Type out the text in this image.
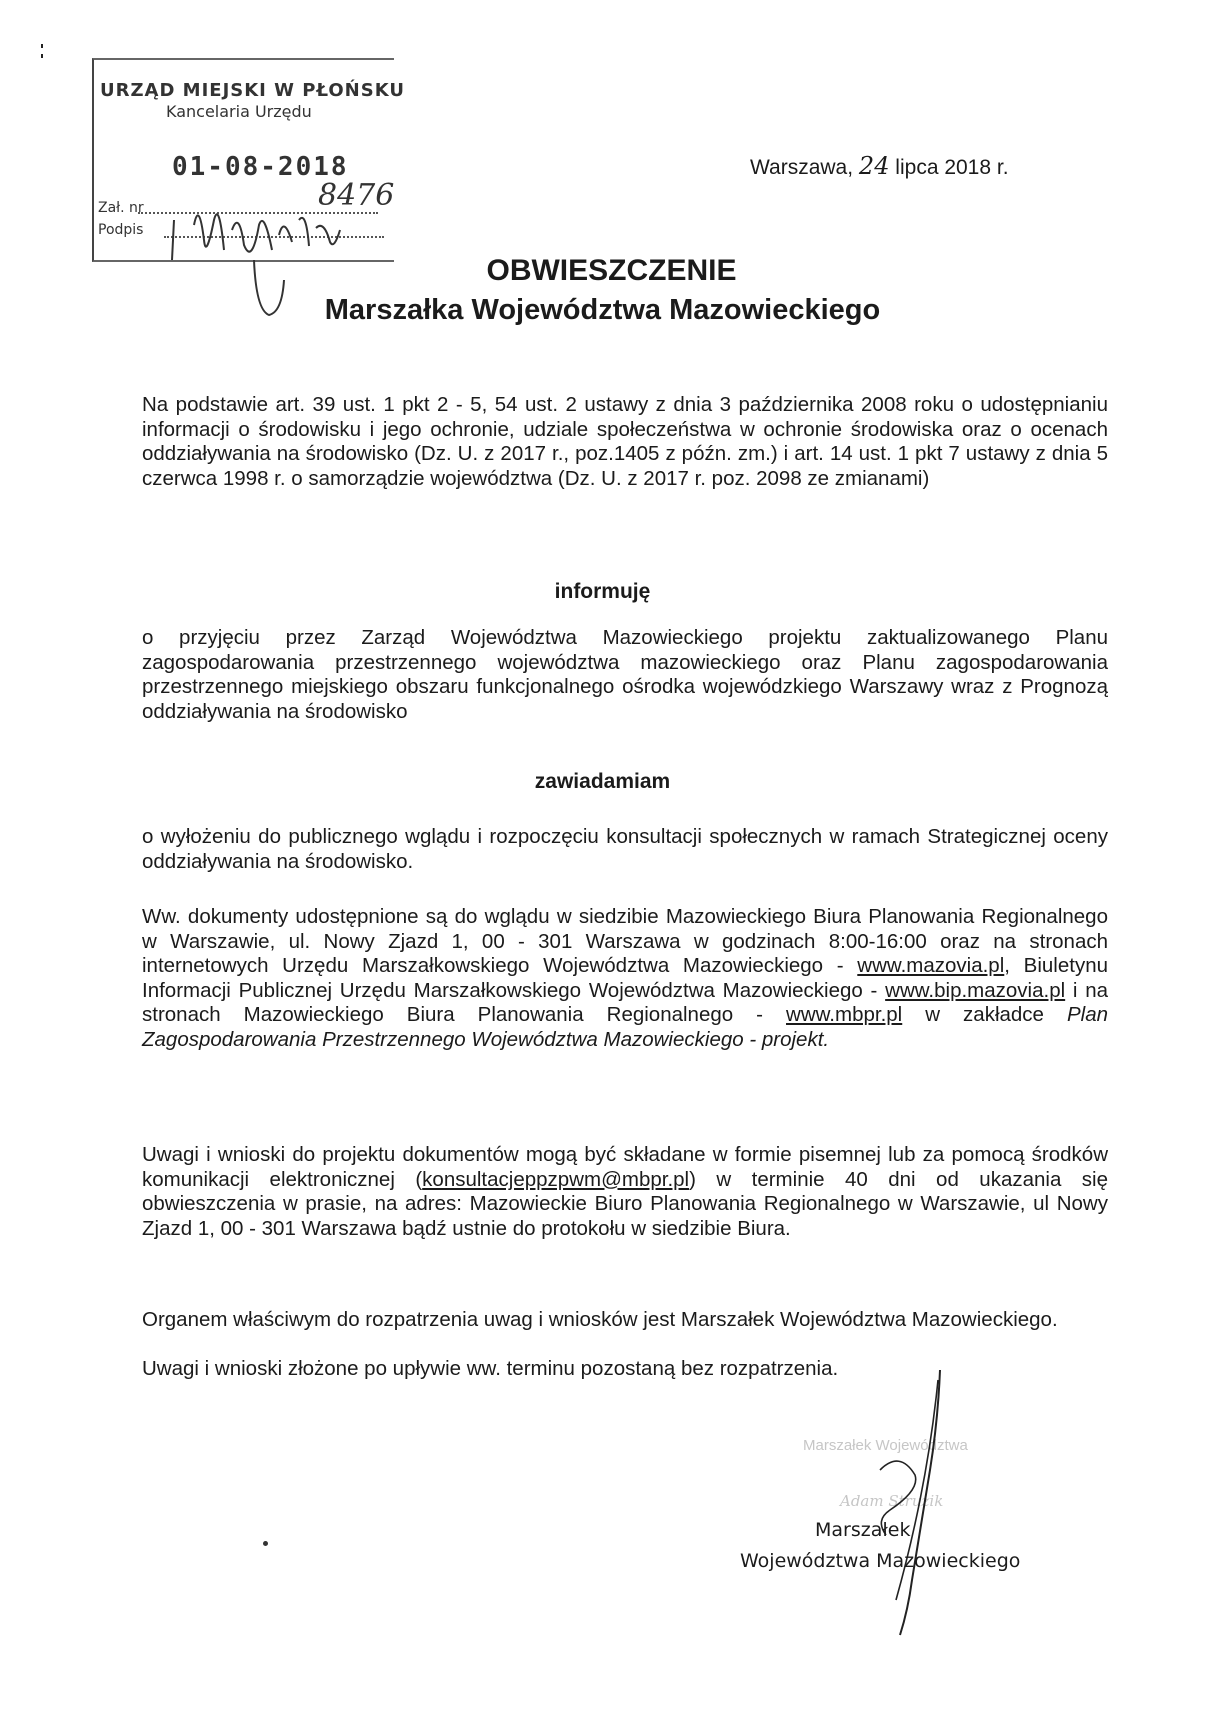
URZĄD MIEJSKI W PŁOŃSKU
Kancelaria Urzędu
01-08-2018
Zał. nr
Podpis
8476
Warszawa, 24 lipca 2018 r.
OBWIESZCZENIE
Marszałka Województwa Mazowieckiego

Na podstawie art. 39 ust. 1 pkt 2 - 5, 54 ust. 2 ustawy z dnia 3 października 2008 roku o udostępnianiu informacji o środowisku i jego ochronie, udziale społeczeństwa w ochronie środowiska oraz o ocenach oddziaływania na środowisko (Dz. U. z 2017 r., poz.1405 z późn. zm.) i art. 14 ust. 1 pkt 7 ustawy z dnia 5 czerwca 1998 r. o samorządzie województwa (Dz. U. z 2017 r. poz. 2098 ze zmianami)

informuję

o przyjęciu przez Zarząd Województwa Mazowieckiego projektu zaktualizowanego Planu zagospodarowania przestrzennego województwa mazowieckiego oraz Planu zagospodarowania przestrzennego miejskiego obszaru funkcjonalnego ośrodka wojewódzkiego Warszawy wraz z Prognozą oddziaływania na środowisko

zawiadamiam

o wyłożeniu do publicznego wglądu i rozpoczęciu konsultacji społecznych w ramach Strategicznej oceny oddziaływania na środowisko.

Ww. dokumenty udostępnione są do wglądu w siedzibie Mazowieckiego Biura Planowania Regionalnego w Warszawie, ul. Nowy Zjazd 1, 00 - 301 Warszawa w godzinach 8:00-16:00 oraz na stronach internetowych Urzędu Marszałkowskiego Województwa Mazowieckiego - www.mazovia.pl, Biuletynu Informacji Publicznej Urzędu Marszałkowskiego Województwa Mazowieckiego - www.bip.mazovia.pl i na stronach Mazowieckiego Biura Planowania Regionalnego - www.mbpr.pl w zakładce Plan Zagospodarowania Przestrzennego Województwa Mazowieckiego - projekt.

Uwagi i wnioski do projektu dokumentów mogą być składane w formie pisemnej lub za pomocą środków komunikacji elektronicznej (konsultacjeppzpwm@mbpr.pl) w terminie 40 dni od ukazania się obwieszczenia w prasie, na adres: Mazowieckie Biuro Planowania Regionalnego w Warszawie, ul Nowy Zjazd 1, 00 - 301 Warszawa bądź ustnie do protokołu w siedzibie Biura.

Organem właściwym do rozpatrzenia uwag i wniosków jest Marszałek Województwa Mazowieckiego.

Uwagi i wnioski złożone po upływie ww. terminu pozostaną bez rozpatrzenia.

Marszałek Województwa
Adam Struzik
Marszałek
Województwa Mazowieckiego
